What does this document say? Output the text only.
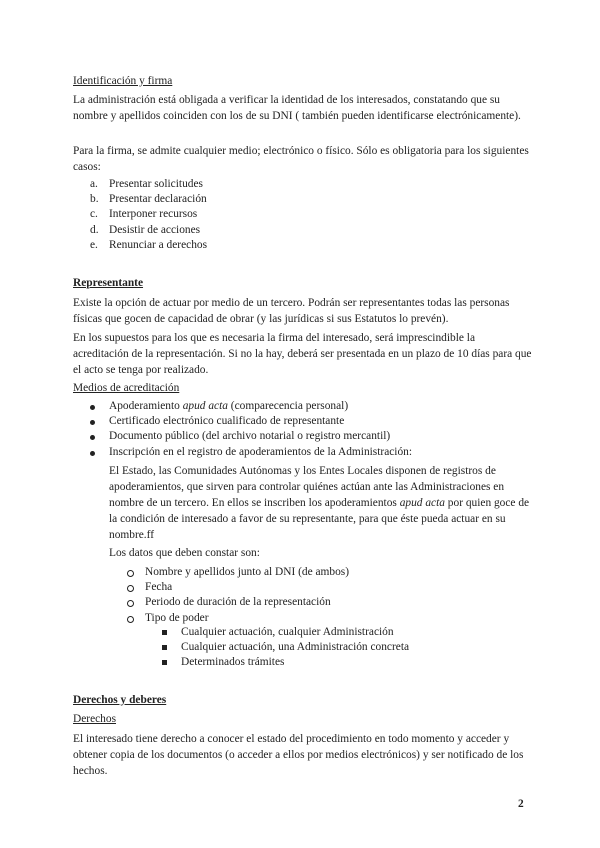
Identificación y firma

La administración está obligada a verificar la identidad de los interesados, constatando que su nombre y apellidos coinciden con los de su DNI ( también pueden identificarse electrónicamente).

Para la firma, se admite cualquier medio; electrónico o físico. Sólo es obligatoria para los siguientes casos:

a. Presentar solicitudes
b. Presentar declaración
c. Interponer recursos
d. Desistir de acciones
e. Renunciar a derechos
Representante

Existe la opción de actuar por medio de un tercero. Podrán ser representantes todas las personas físicas que gocen de capacidad de obrar (y las jurídicas si sus Estatutos lo prevén).

En los supuestos para los que es necesaria la firma del interesado, será imprescindible la acreditación de la representación. Si no la hay, deberá ser presentada en un plazo de 10 días para que el acto se tenga por realizado.

Medios de acreditación
Apoderamiento apud acta (comparecencia personal)
Certificado electrónico cualificado de representante
Documento público (del archivo notarial o registro mercantil)
Inscripción en el registro de apoderamientos de la Administración:

El Estado, las Comunidades Autónomas y los Entes Locales disponen de registros de apoderamientos, que sirven para controlar quiénes actúan ante las Administraciones en nombre de un tercero. En ellos se inscriben los apoderamientos apud acta por quien goce de la condición de interesado a favor de su representante, para que éste pueda actuar en su nombre.ff

Los datos que deben constar son:

Nombre y apellidos junto al DNI (de ambos)
Fecha
Periodo de duración de la representación
Tipo de poder
Cualquier actuación, cualquier Administración
Cualquier actuación, una Administración concreta
Determinados trámites
Derechos y deberes
Derechos

El interesado tiene derecho a conocer el estado del procedimiento en todo momento y acceder y obtener copia de los documentos (o acceder a ellos por medios electrónicos) y ser notificado de los hechos.

2
